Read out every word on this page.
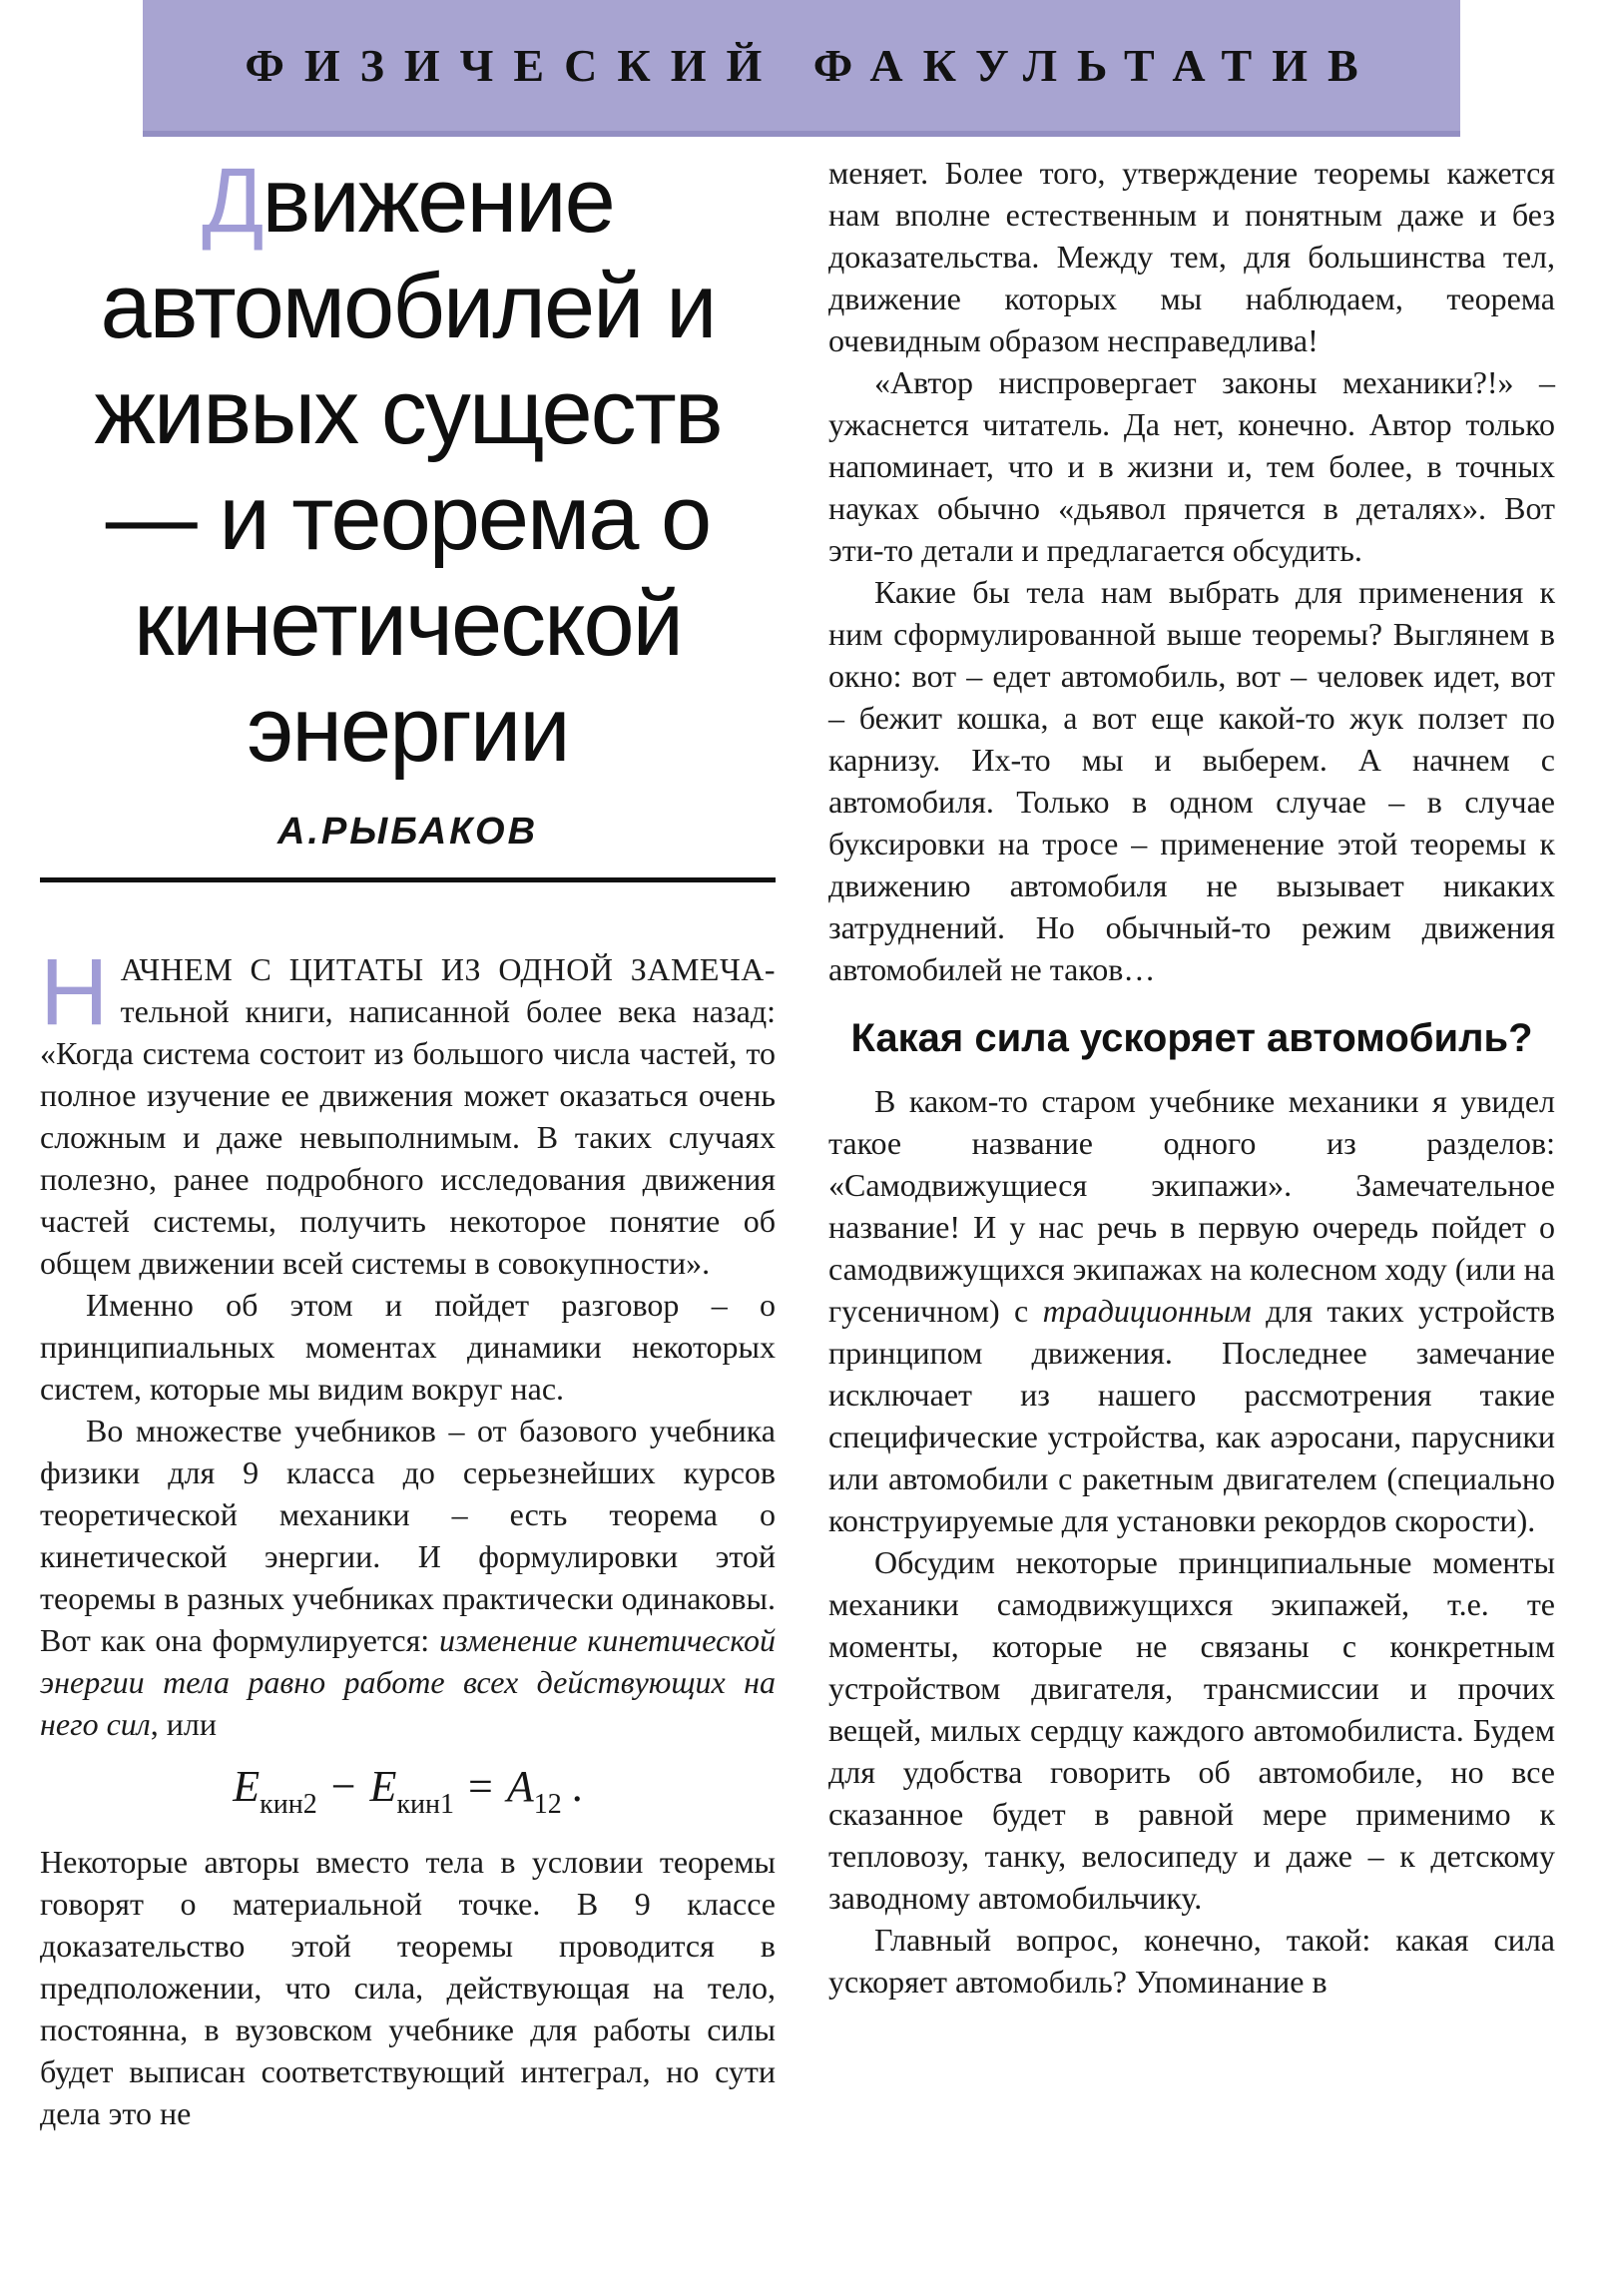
ФИЗИЧЕСКИЙ ФАКУЛЬТАТИВ
Движение
автомобилей и
живых существ
— и теорема о
кинетической
энергии
А.РЫБАКОВ

НАЧНЕМ С ЦИТАТЫ ИЗ ОДНОЙ ЗАМЕЧА-тельной книги, написанной более века назад: «Когда система состоит из большого числа частей, то полное изучение ее движения может оказаться очень сложным и даже невыполнимым. В таких случаях полезно, ранее подробного исследования движения частей системы, получить некоторое понятие об общем движении всей системы в совокупности».

Именно об этом и пойдет разговор – о принципиальных моментах динамики некоторых систем, которые мы видим вокруг нас.

Во множестве учебников – от базового учебника физики для 9 класса до серьезнейших курсов теоретической механики – есть теорема о кинетической энергии. И формулировки этой теоремы в разных учебниках практически одинаковы. Вот как она формулируется: изменение кинетической энергии тела равно работе всех действующих на него сил, или

$E_{кин2} - E_{кин1} = A_{12}$ .

Некоторые авторы вместо тела в условии теоремы говорят о материальной точке. В 9 классе доказательство этой теоремы проводится в предположении, что сила, действующая на тело, постоянна, в вузовском учебнике для работы силы будет выписан соответствующий интеграл, но сути дела это не

меняет. Более того, утверждение теоремы кажется нам вполне естественным и понятным даже и без доказательства. Между тем, для большинства тел, движение которых мы наблюдаем, теорема очевидным образом несправедлива!

«Автор ниспровергает законы механики?!» – ужаснется читатель. Да нет, конечно. Автор только напоминает, что и в жизни и, тем более, в точных науках обычно «дьявол прячется в деталях». Вот эти-то детали и предлагается обсудить.

Какие бы тела нам выбрать для применения к ним сформулированной выше теоремы? Выглянем в окно: вот – едет автомобиль, вот – человек идет, вот – бежит кошка, а вот еще какой-то жук ползет по карнизу. Их-то мы и выберем. А начнем с автомобиля. Только в одном случае – в случае буксировки на тросе – применение этой теоремы к движению автомобиля не вызывает никаких затруднений. Но обычный-то режим движения автомобилей не таков…

Какая сила ускоряет автомобиль?

В каком-то старом учебнике механики я увидел такое название одного из разделов: «Самодвижущиеся экипажи». Замечательное название! И у нас речь в первую очередь пойдет о самодвижущихся экипажах на колесном ходу (или на гусеничном) с традиционным для таких устройств принципом движения. Последнее замечание исключает из нашего рассмотрения такие специфические устройства, как аэросани, парусники или автомобили с ракетным двигателем (специально конструируемые для установки рекордов скорости).

Обсудим некоторые принципиальные моменты механики самодвижущихся экипажей, т.е. те моменты, которые не связаны с конкретным устройством двигателя, трансмиссии и прочих вещей, милых сердцу каждого автомобилиста. Будем для удобства говорить об автомобиле, но все сказанное будет в равной мере применимо к тепловозу, танку, велосипеду и даже – к детскому заводному автомобильчику.

Главный вопрос, конечно, такой: какая сила ускоряет автомобиль? Упоминание в
